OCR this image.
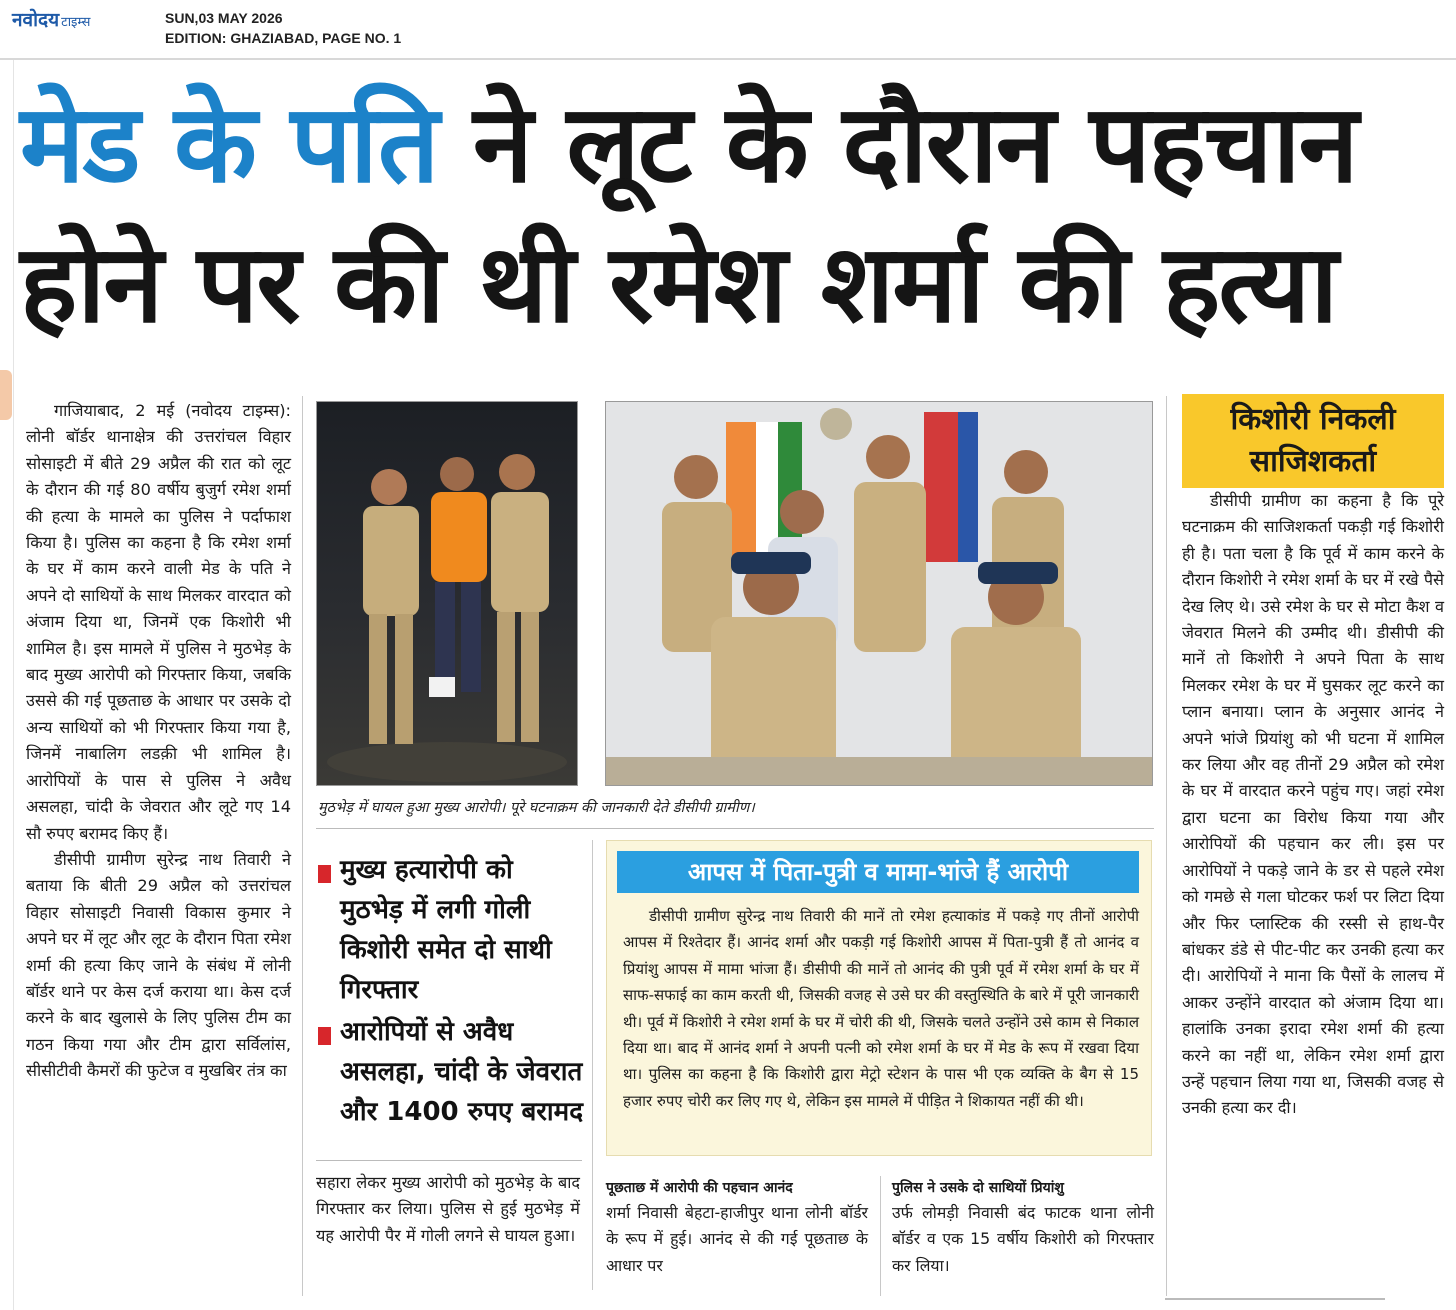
नवोदय टाइम्स	SUN,03 MAY 2026
EDITION: GHAZIABAD, PAGE NO. 1
मेड के पति ने लूट के दौरान पहचान
होने पर की थी रमेश शर्मा की हत्या

गाजियाबाद, 2 मई (नवोदय टाइम्स): लोनी बॉर्डर थानाक्षेत्र की उत्तरांचल विहार सोसाइटी में बीते 29 अप्रैल की रात को लूट के दौरान की गई 80 वर्षीय बुजुर्ग रमेश शर्मा की हत्या के मामले का पुलिस ने पर्दाफाश किया है। पुलिस का कहना है कि रमेश शर्मा के घर में काम करने वाली मेड के पति ने अपने दो साथियों के साथ मिलकर वारदात को अंजाम दिया था, जिनमें एक किशोरी भी शामिल है। इस मामले में पुलिस ने मुठभेड़ के बाद मुख्य आरोपी को गिरफ्तार किया, जबकि उससे की गई पूछताछ के आधार पर उसके दो अन्य साथियों को भी गिरफ्तार किया गया है, जिनमें नाबालिग लडक़ी भी शामिल है। आरोपियों के पास से पुलिस ने अवैध असलहा, चांदी के जेवरात और लूटे गए 14 सौ रुपए बरामद किए हैं।

डीसीपी ग्रामीण सुरेन्द्र नाथ तिवारी ने बताया कि बीती 29 अप्रैल को उत्तरांचल विहार सोसाइटी निवासी विकास कुमार ने अपने घर में लूट और लूट के दौरान पिता रमेश शर्मा की हत्या किए जाने के संबंध में लोनी बॉर्डर थाने पर केस दर्ज कराया था। केस दर्ज करने के बाद खुलासे के लिए पुलिस टीम का गठन किया गया और टीम द्वारा सर्विलांस, सीसीटीवी कैमरों की फुटेज व मुखबिर तंत्र का

मुठभेड़ में घायल हुआ मुख्य आरोपी। पूरे घटनाक्रम की जानकारी देते डीसीपी ग्रामीण।
मुख्य हत्यारोपी को मुठभेड़ में लगी गोली किशोरी समेत दो साथी गिरफ्तार
आरोपियों से अवैध असलहा, चांदी के जेवरात और 1400 रुपए बरामद
सहारा लेकर मुख्य आरोपी को मुठभेड़ के बाद गिरफ्तार कर लिया। पुलिस से हुई मुठभेड़ में यह आरोपी पैर में गोली लगने से घायल हुआ।
आपस में पिता-पुत्री व मामा-भांजे हैं आरोपी

डीसीपी ग्रामीण सुरेन्द्र नाथ तिवारी की मानें तो रमेश हत्याकांड में पकड़े गए तीनों आरोपी आपस में रिश्तेदार हैं। आनंद शर्मा और पकड़ी गई किशोरी आपस में पिता-पुत्री हैं तो आनंद व प्रियांशु आपस में मामा भांजा हैं। डीसीपी की मानें तो आनंद की पुत्री पूर्व में रमेश शर्मा के घर में साफ-सफाई का काम करती थी, जिसकी वजह से उसे घर की वस्तुस्थिति के बारे में पूरी जानकारी थी। पूर्व में किशोरी ने रमेश शर्मा के घर में चोरी की थी, जिसके चलते उन्होंने उसे काम से निकाल दिया था। बाद में आनंद शर्मा ने अपनी पत्नी को रमेश शर्मा के घर में मेड के रूप में रखवा दिया था। पुलिस का कहना है कि किशोरी द्वारा मेट्रो स्टेशन के पास भी एक व्यक्ति के बैग से 15 हजार रुपए चोरी कर लिए गए थे, लेकिन इस मामले में पीड़ित ने शिकायत नहीं की थी।

पूछताछ में आरोपी की पहचान आनंद
शर्मा निवासी बेहटा-हाजीपुर थाना लोनी बॉर्डर के रूप में हुई। आनंद से की गई पूछताछ के आधार पर
पुलिस ने उसके दो साथियों प्रियांशु
उर्फ लोमड़ी निवासी बंद फाटक थाना लोनी बॉर्डर व एक 15 वर्षीय किशोरी को गिरफ्तार कर लिया।
किशोरी निकली
साजिशकर्ता

डीसीपी ग्रामीण का कहना है कि पूरे घटनाक्रम की साजिशकर्ता पकड़ी गई किशोरी ही है। पता चला है कि पूर्व में काम करने के दौरान किशोरी ने रमेश शर्मा के घर में रखे पैसे देख लिए थे। उसे रमेश के घर से मोटा कैश व जेवरात मिलने की उम्मीद थी। डीसीपी की मानें तो किशोरी ने अपने पिता के साथ मिलकर रमेश के घर में घुसकर लूट करने का प्लान बनाया। प्लान के अनुसार आनंद ने अपने भांजे प्रियांशु को भी घटना में शामिल कर लिया और वह तीनों 29 अप्रैल को रमेश के घर में वारदात करने पहुंच गए। जहां रमेश द्वारा घटना का विरोध किया गया और आरोपियों की पहचान कर ली। इस पर आरोपियों ने पकड़े जाने के डर से पहले रमेश को गमछे से गला घोटकर फर्श पर लिटा दिया और फिर प्लास्टिक की रस्सी से हाथ-पैर बांधकर डंडे से पीट-पीट कर उनकी हत्या कर दी। आरोपियों ने माना कि पैसों के लालच में आकर उन्होंने वारदात को अंजाम दिया था। हालांकि उनका इरादा रमेश शर्मा की हत्या करने का नहीं था, लेकिन रमेश शर्मा द्वारा उन्हें पहचान लिया गया था, जिसकी वजह से उनकी हत्या कर दी।
